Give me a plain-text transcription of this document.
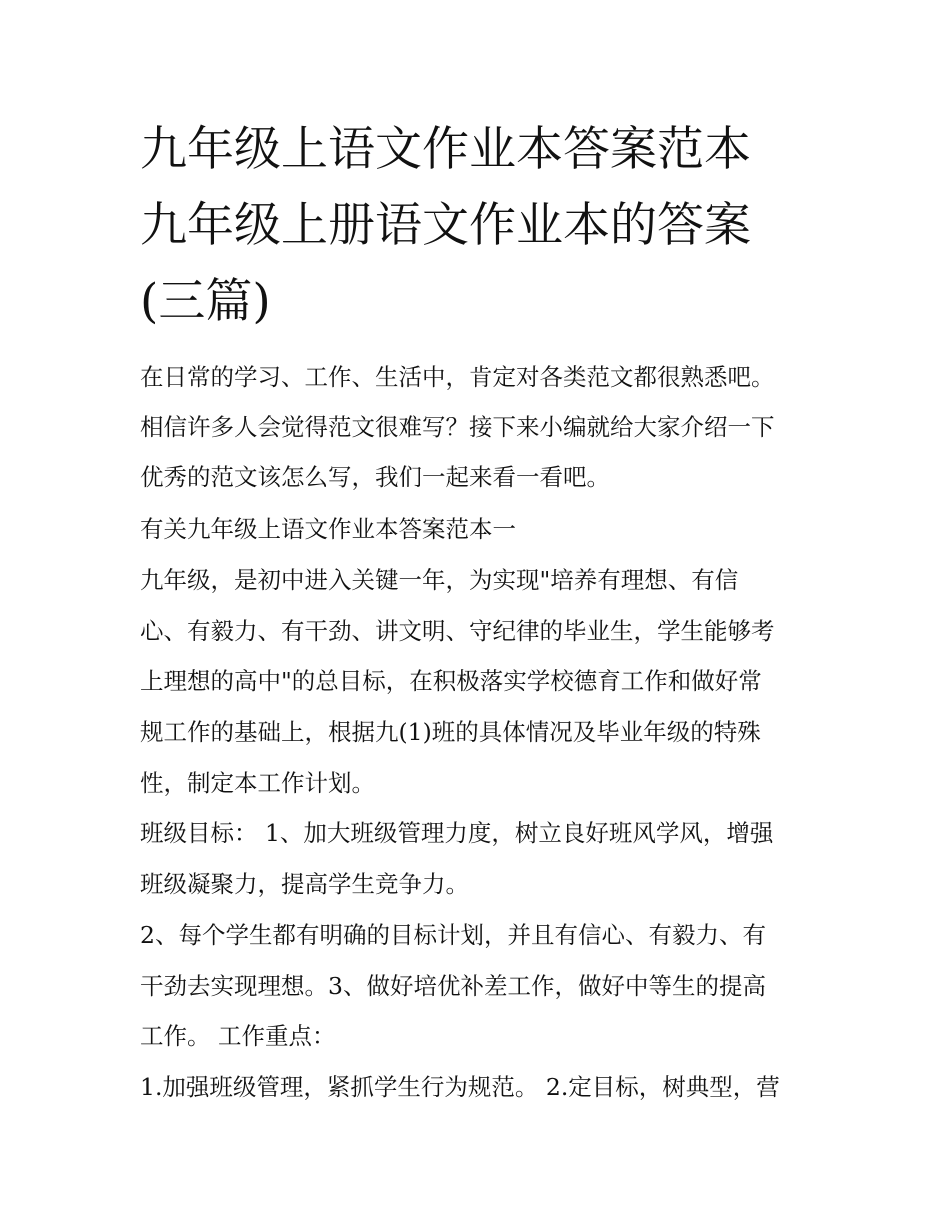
九年级上语文作业本答案范本
九年级上册语文作业本的答案
(三篇)
在日常的学习、工作、生活中，肯定对各类范文都很熟悉吧。
相信许多人会觉得范文很难写？接下来小编就给大家介绍一下
优秀的范文该怎么写，我们一起来看一看吧。
有关九年级上语文作业本答案范本一
九年级，是初中进入关键一年，为实现"培养有理想、有信
心、有毅力、有干劲、讲文明、守纪律的毕业生，学生能够考
上理想的高中"的总目标，在积极落实学校德育工作和做好常
规工作的基础上，根据九(1)班的具体情况及毕业年级的特殊
性，制定本工作计划。
班级目标： 1、加大班级管理力度，树立良好班风学风，增强
班级凝聚力，提高学生竞争力。
2、每个学生都有明确的目标计划，并且有信心、有毅力、有
干劲去实现理想。3、做好培优补差工作，做好中等生的提高
工作。 工作重点：
1.加强班级管理，紧抓学生行为规范。 2.定目标，树典型，营
